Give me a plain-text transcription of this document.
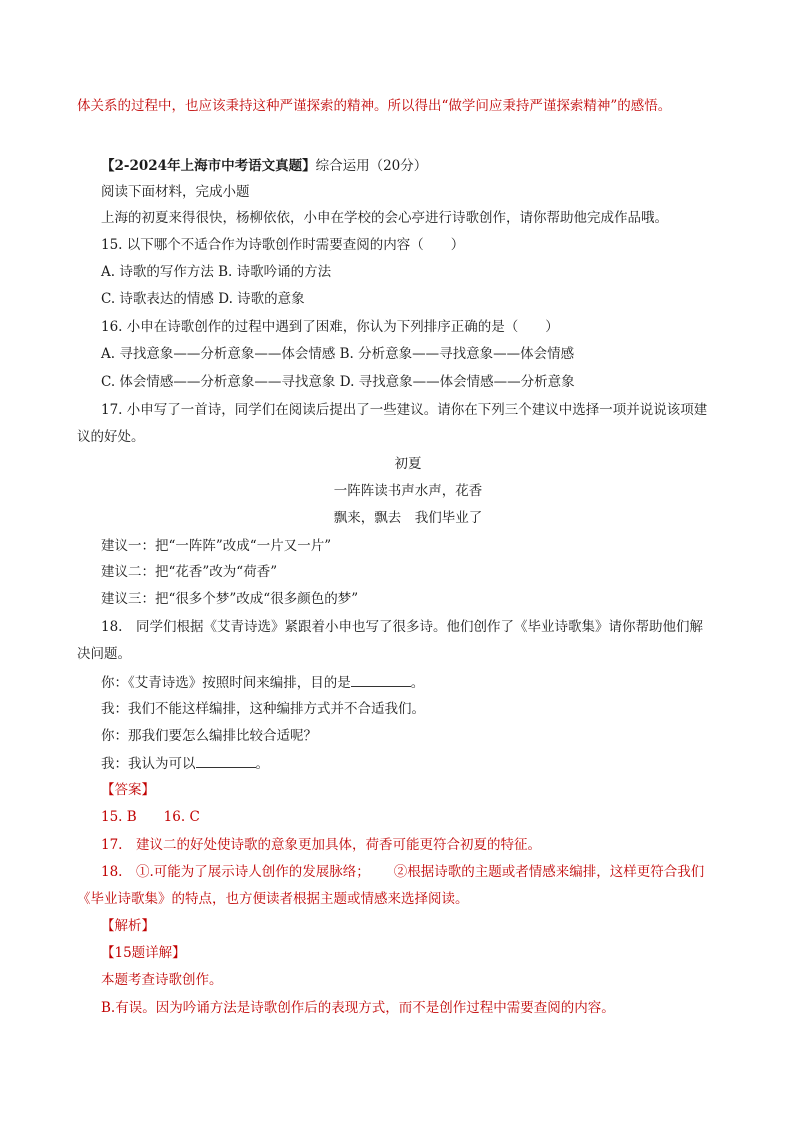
体关系的过程中，也应该秉持这种严谨探索的精神。所以得出“做学问应秉持严谨探索精神”的感悟。
【2-2024年上海市中考语文真题】综合运用（20分）
阅读下面材料，完成小题
上海的初夏来得很快，杨柳依依，小申在学校的会心亭进行诗歌创作，请你帮助他完成作品哦。
15. 以下哪个不适合作为诗歌创作时需要查阅的内容（　　）
A. 诗歌的写作方法 B. 诗歌吟诵的方法
C. 诗歌表达的情感 D. 诗歌的意象
16. 小申在诗歌创作的过程中遇到了困难，你认为下列排序正确的是（　　）
A. 寻找意象——分析意象——体会情感 B. 分析意象——寻找意象——体会情感
C. 体会情感——分析意象——寻找意象 D. 寻找意象——体会情感——分析意象
17. 小申写了一首诗，同学们在阅读后提出了一些建议。请你在下列三个建议中选择一项并说说该项建
议的好处。
初夏
一阵阵读书声水声，花香
飘来，飘去　我们毕业了
建议一：把“一阵阵”改成“一片又一片”
建议二：把“花香”改为“荷香”
建议三：把“很多个梦”改成“很多颜色的梦”
18.　同学们根据《艾青诗选》紧跟着小申也写了很多诗。他们创作了《毕业诗歌集》请你帮助他们解
决问题。
你：《艾青诗选》按照时间来编排，目的是	。
我：我们不能这样编排，这种编排方式并不合适我们。
你：那我们要怎么编排比较合适呢？
我：我认为可以	。
【答案】
15. B　　16. C
17.　建议二的好处使诗歌的意象更加具体，荷香可能更符合初夏的特征。
18.　①.可能为了展示诗人创作的发展脉络； ②根据诗歌的主题或者情感来编排，这样更符合我们
《毕业诗歌集》的特点，也方便读者根据主题或情感来选择阅读。
【解析】
【15题详解】
本题考查诗歌创作。
B.有误。因为吟诵方法是诗歌创作后的表现方式，而不是创作过程中需要查阅的内容。
